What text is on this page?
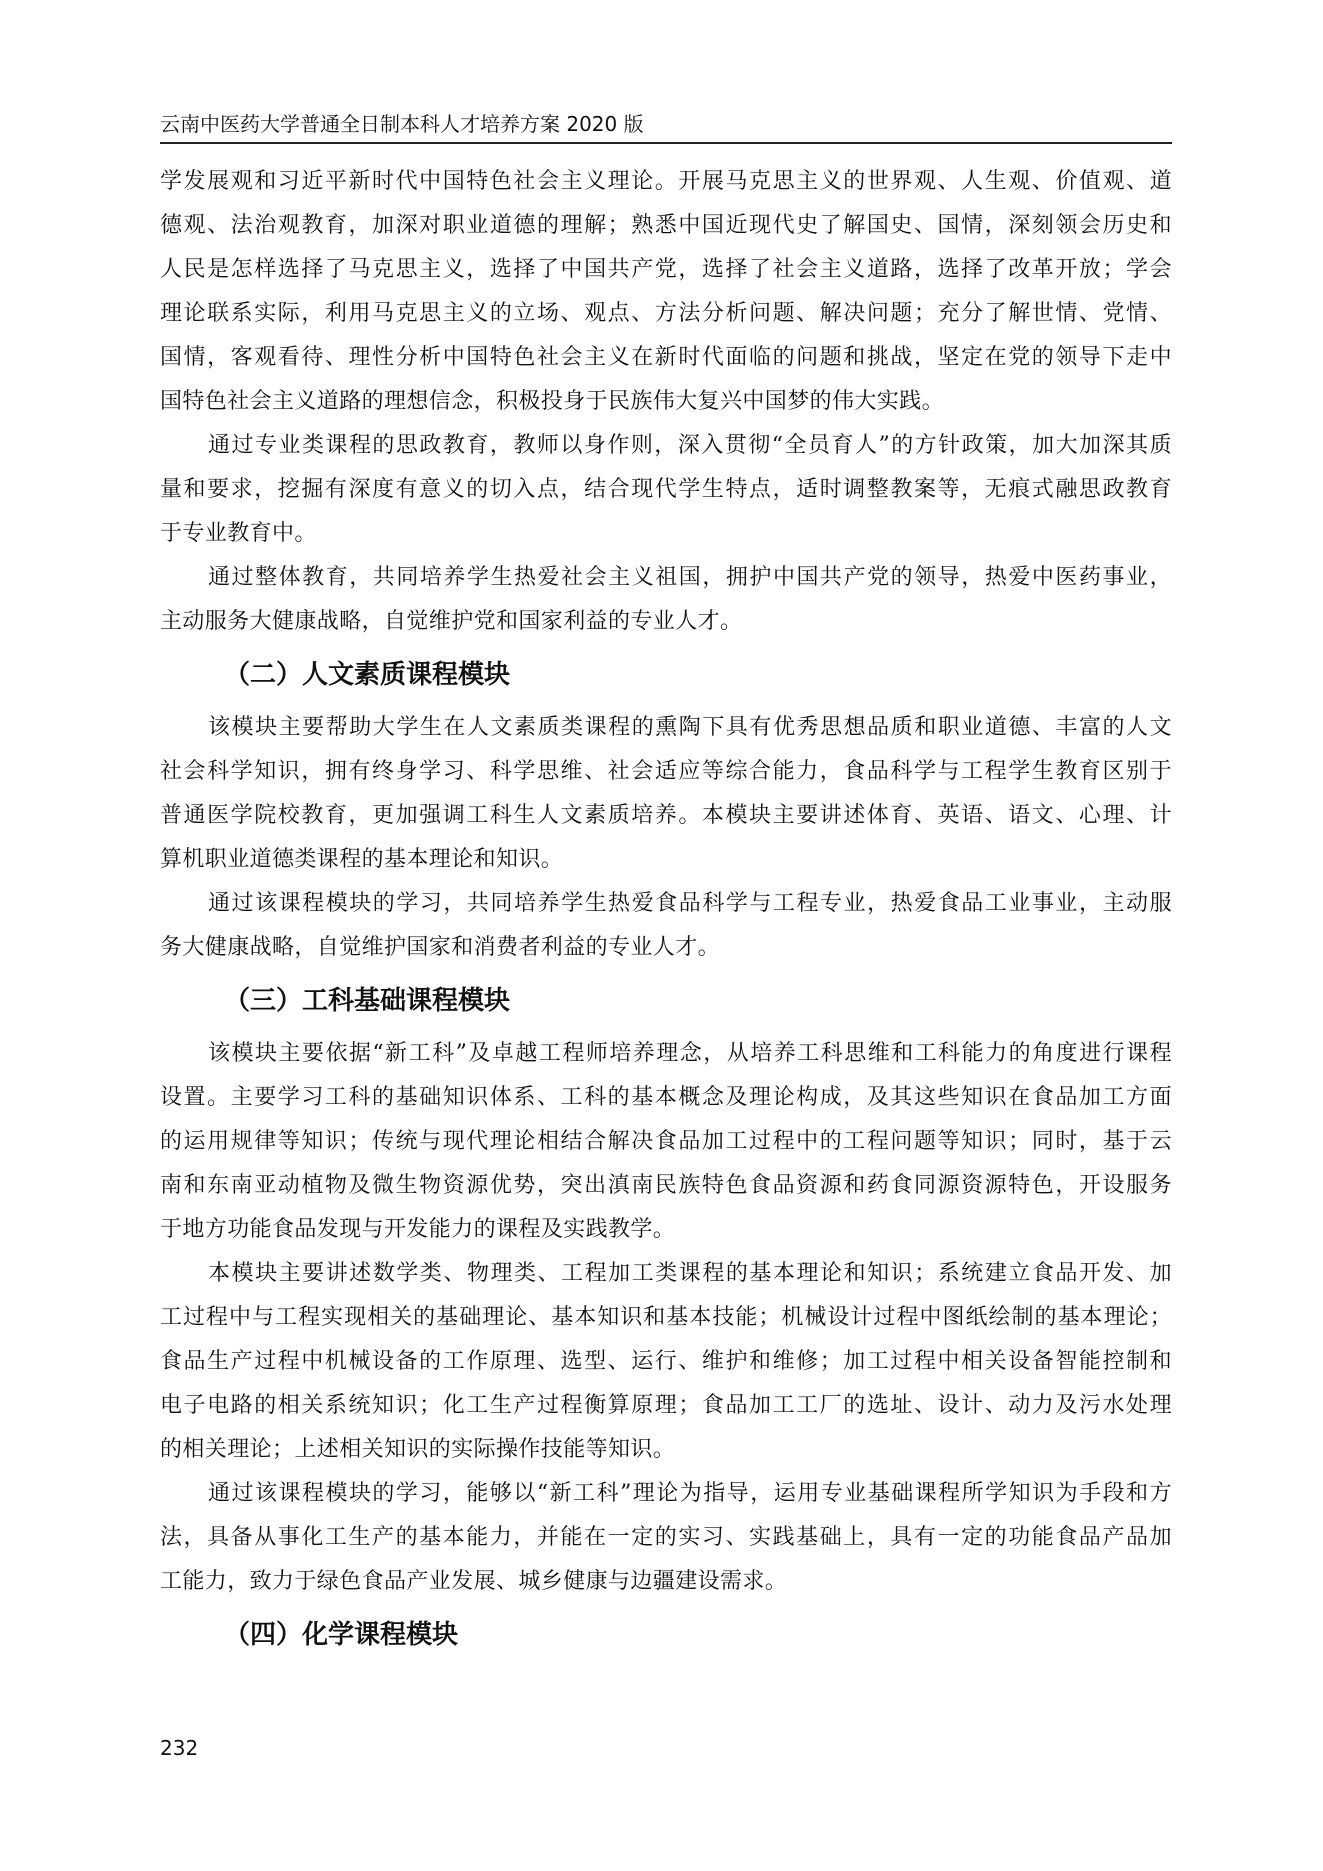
云南中医药大学普通全日制本科人才培养方案 2020 版
学发展观和习近平新时代中国特色社会主义理论。开展马克思主义的世界观、人生观、价值观、道
德观、法治观教育，加深对职业道德的理解；熟悉中国近现代史了解国史、国情，深刻领会历史和
人民是怎样选择了马克思主义，选择了中国共产党，选择了社会主义道路，选择了改革开放；学会
理论联系实际，利用马克思主义的立场、观点、方法分析问题、解决问题；充分了解世情、党情、
国情，客观看待、理性分析中国特色社会主义在新时代面临的问题和挑战，坚定在党的领导下走中
国特色社会主义道路的理想信念，积极投身于民族伟大复兴中国梦的伟大实践。
通过专业类课程的思政教育，教师以身作则，深入贯彻“全员育人”的方针政策，加大加深其质
量和要求，挖掘有深度有意义的切入点，结合现代学生特点，适时调整教案等，无痕式融思政教育
于专业教育中。
通过整体教育，共同培养学生热爱社会主义祖国，拥护中国共产党的领导，热爱中医药事业，
主动服务大健康战略，自觉维护党和国家利益的专业人才。
（二）人文素质课程模块
该模块主要帮助大学生在人文素质类课程的熏陶下具有优秀思想品质和职业道德、丰富的人文
社会科学知识，拥有终身学习、科学思维、社会适应等综合能力，食品科学与工程学生教育区别于
普通医学院校教育，更加强调工科生人文素质培养。本模块主要讲述体育、英语、语文、心理、计
算机职业道德类课程的基本理论和知识。
通过该课程模块的学习，共同培养学生热爱食品科学与工程专业，热爱食品工业事业，主动服
务大健康战略，自觉维护国家和消费者利益的专业人才。
（三）工科基础课程模块
该模块主要依据“新工科”及卓越工程师培养理念，从培养工科思维和工科能力的角度进行课程
设置。主要学习工科的基础知识体系、工科的基本概念及理论构成，及其这些知识在食品加工方面
的运用规律等知识；传统与现代理论相结合解决食品加工过程中的工程问题等知识；同时，基于云
南和东南亚动植物及微生物资源优势，突出滇南民族特色食品资源和药食同源资源特色，开设服务
于地方功能食品发现与开发能力的课程及实践教学。
本模块主要讲述数学类、物理类、工程加工类课程的基本理论和知识；系统建立食品开发、加
工过程中与工程实现相关的基础理论、基本知识和基本技能；机械设计过程中图纸绘制的基本理论；
食品生产过程中机械设备的工作原理、选型、运行、维护和维修；加工过程中相关设备智能控制和
电子电路的相关系统知识；化工生产过程衡算原理；食品加工工厂的选址、设计、动力及污水处理
的相关理论；上述相关知识的实际操作技能等知识。
通过该课程模块的学习，能够以“新工科”理论为指导，运用专业基础课程所学知识为手段和方
法，具备从事化工生产的基本能力，并能在一定的实习、实践基础上，具有一定的功能食品产品加
工能力，致力于绿色食品产业发展、城乡健康与边疆建设需求。
（四）化学课程模块
232
